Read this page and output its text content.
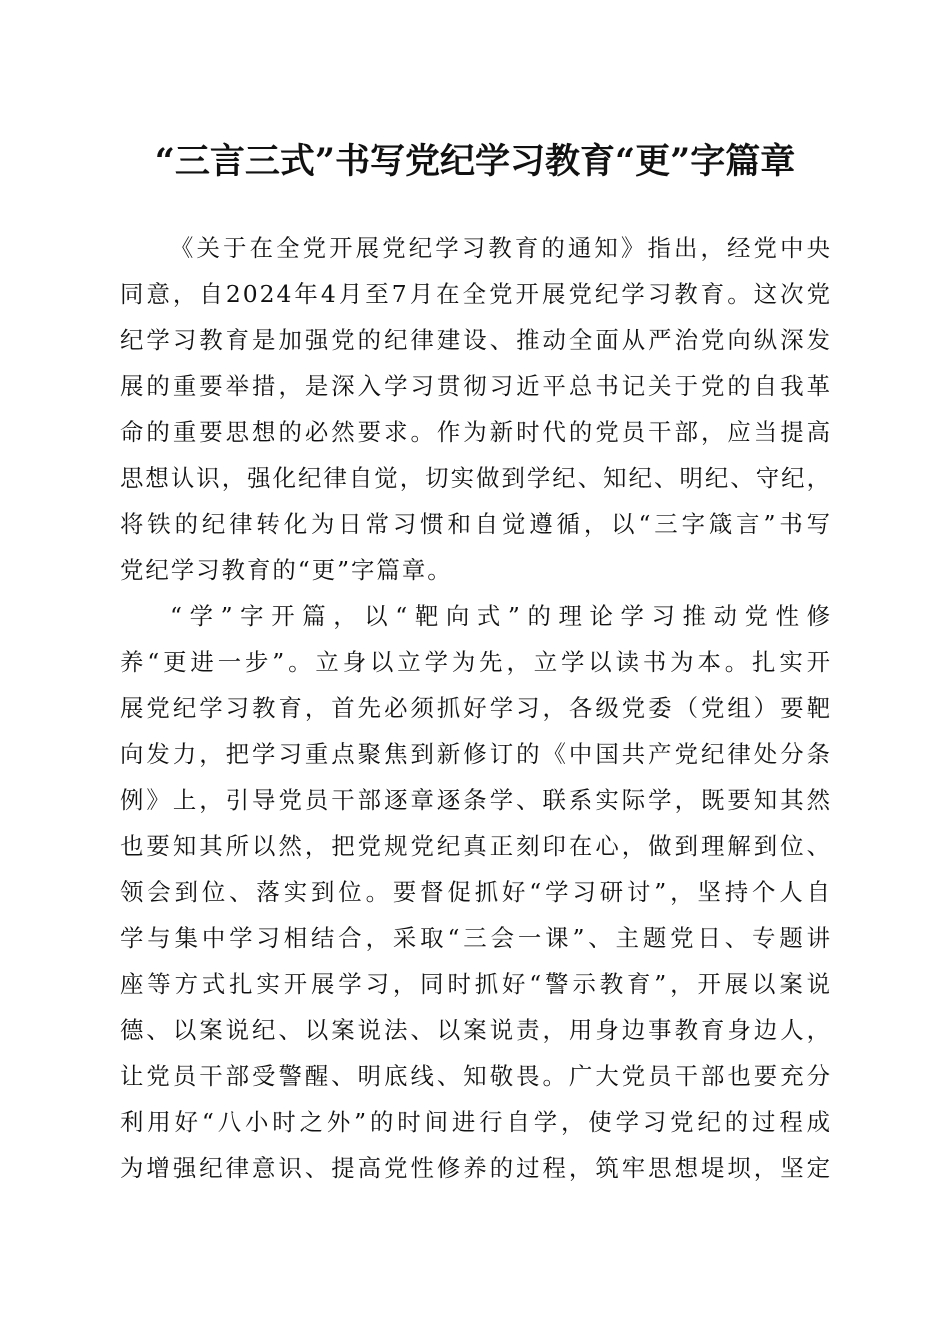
“三言三式”书写党纪学习教育“更”字篇章
《关于在全党开展党纪学习教育的通知》指出，经党中央
同意，自2024年4月至7月在全党开展党纪学习教育。这次党
纪学习教育是加强党的纪律建设、推动全面从严治党向纵深发
展的重要举措，是深入学习贯彻习近平总书记关于党的自我革
命的重要思想的必然要求。作为新时代的党员干部，应当提高
思想认识，强化纪律自觉，切实做到学纪、知纪、明纪、守纪，
将铁的纪律转化为日常习惯和自觉遵循，以“三字箴言”书写
党纪学习教育的“更”字篇章。
“学”字开篇，以“靶向式”的理论学习推动党性修
养“更进一步”。立身以立学为先，立学以读书为本。扎实开
展党纪学习教育，首先必须抓好学习，各级党委（党组）要靶
向发力，把学习重点聚焦到新修订的《中国共产党纪律处分条
例》上，引导党员干部逐章逐条学、联系实际学，既要知其然
也要知其所以然，把党规党纪真正刻印在心，做到理解到位、
领会到位、落实到位。要督促抓好“学习研讨”，坚持个人自
学与集中学习相结合，采取“三会一课”、主题党日、专题讲
座等方式扎实开展学习，同时抓好“警示教育”，开展以案说
德、以案说纪、以案说法、以案说责，用身边事教育身边人，
让党员干部受警醒、明底线、知敬畏。广大党员干部也要充分
利用好“八小时之外”的时间进行自学，使学习党纪的过程成
为增强纪律意识、提高党性修养的过程，筑牢思想堤坝，坚定
